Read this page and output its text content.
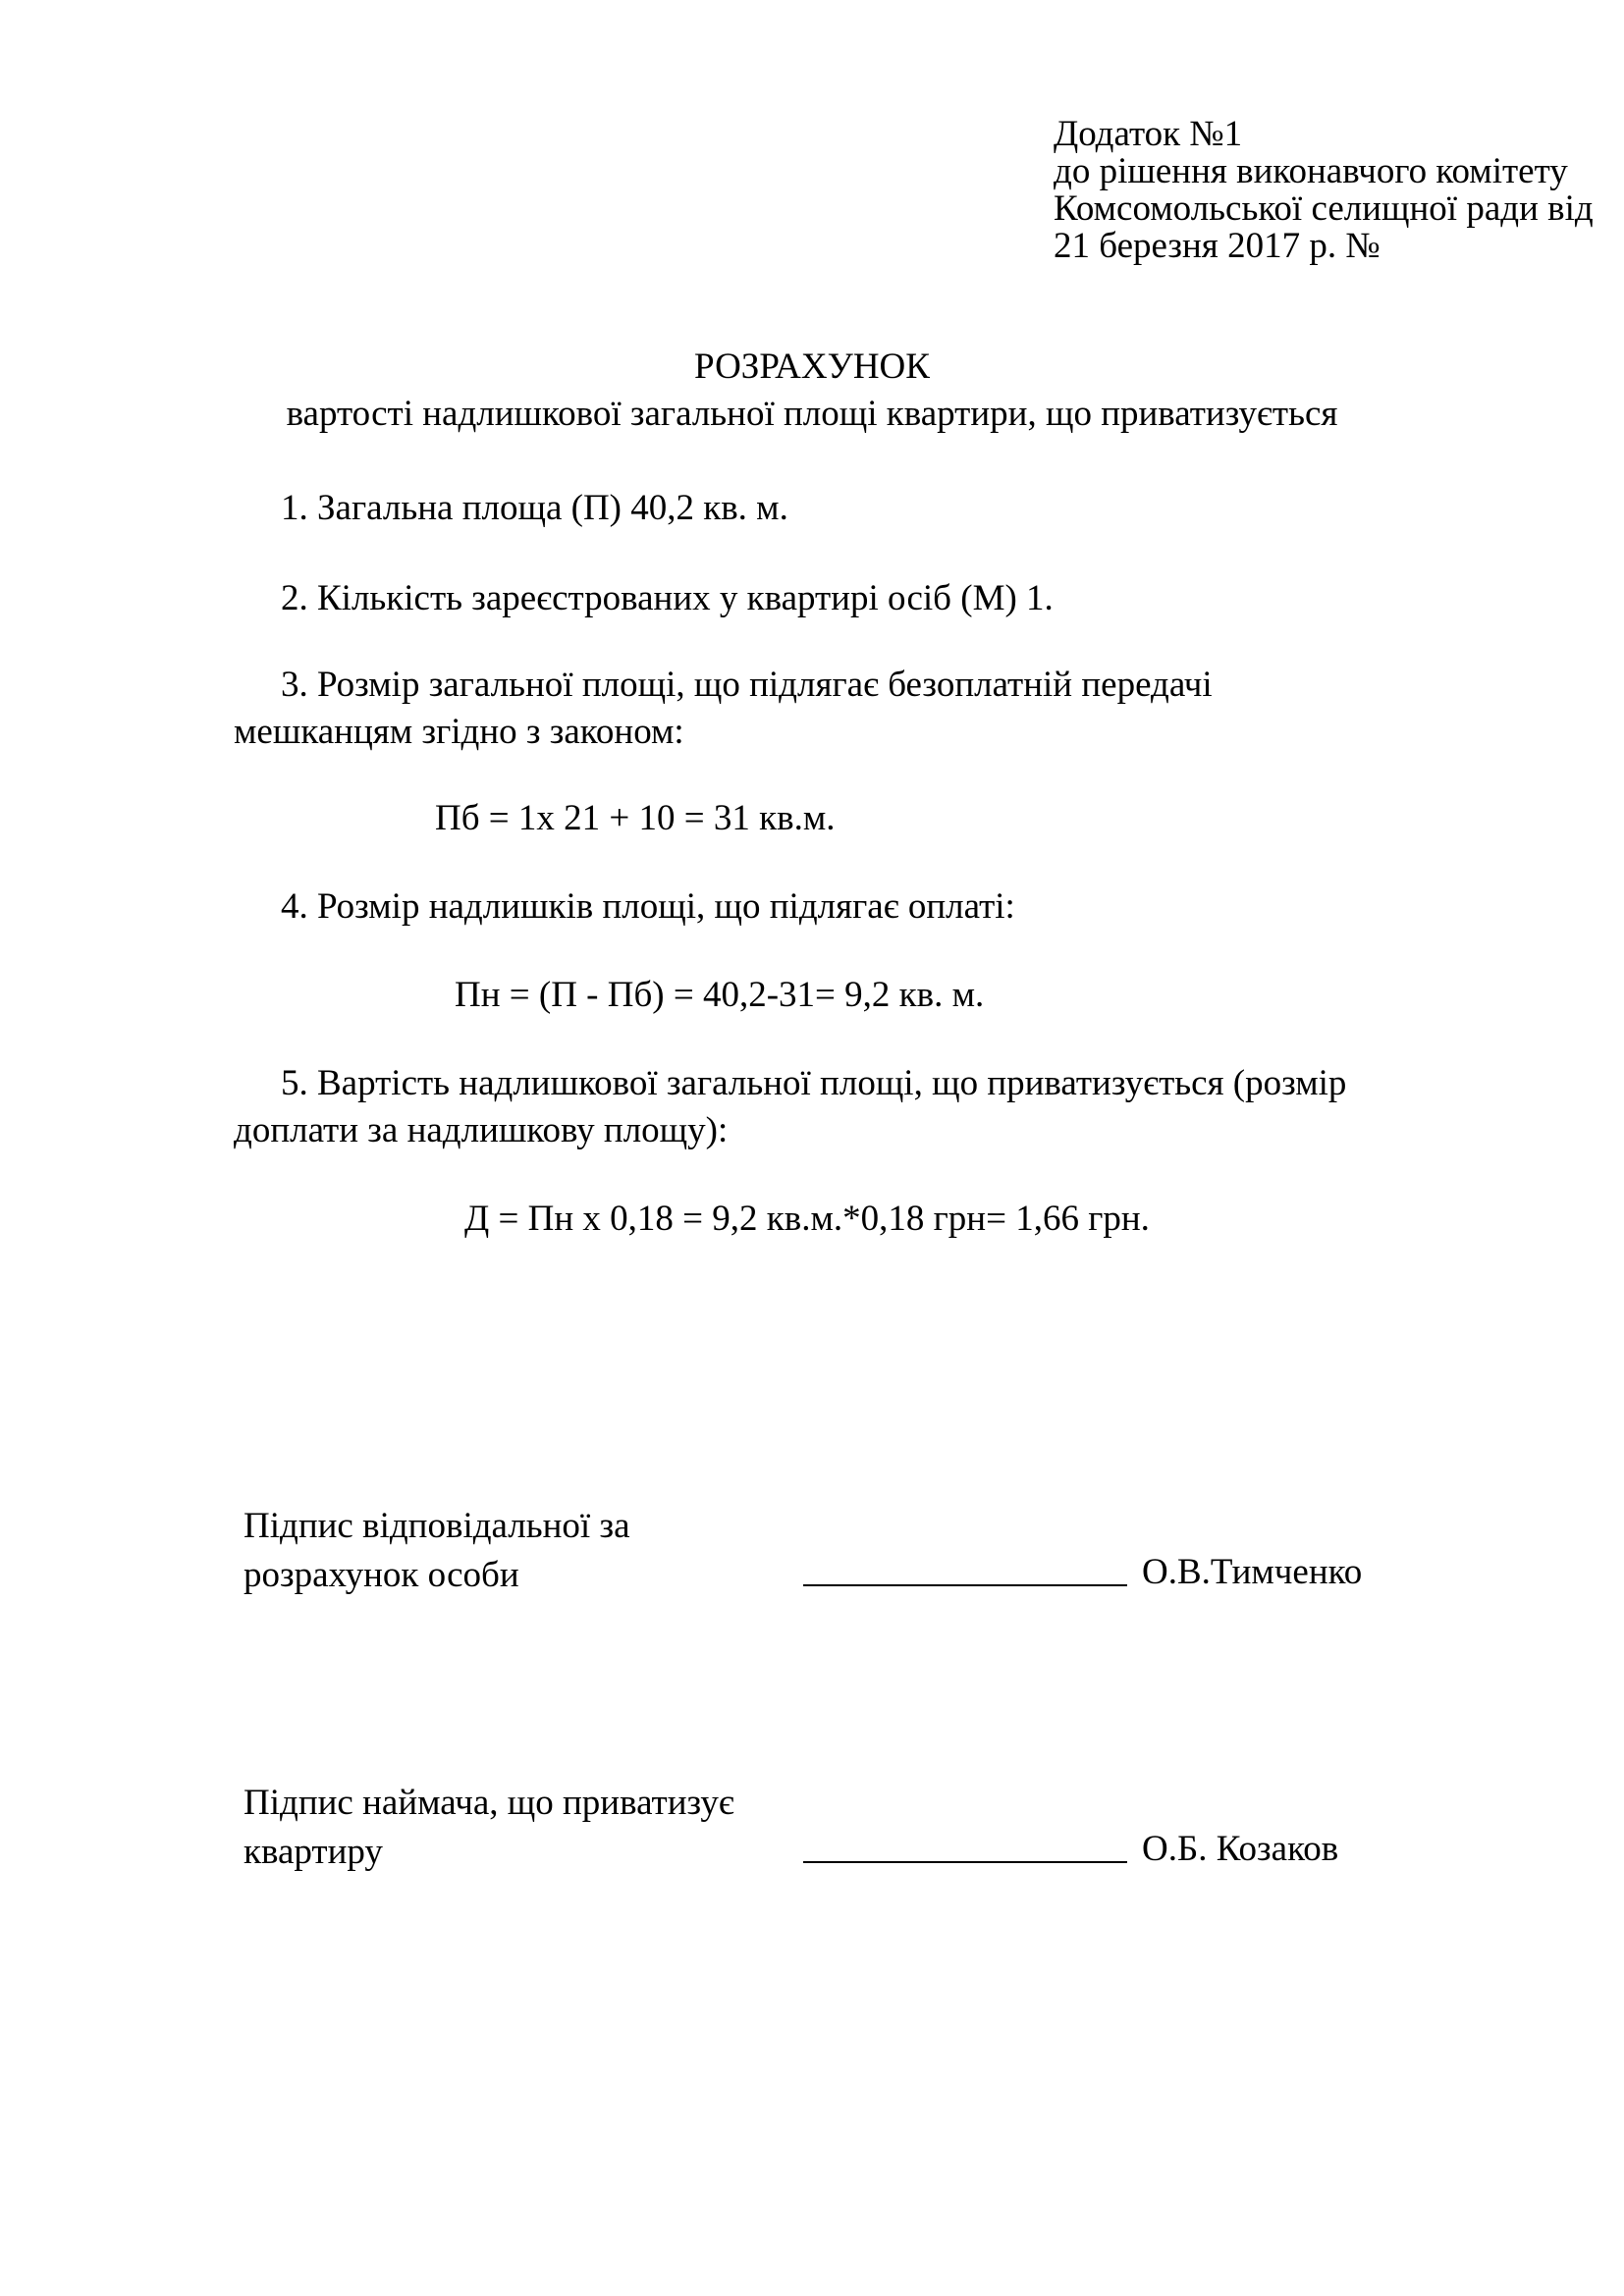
Додаток №1
до рішення виконавчого комітету
Комсомольської селищної ради від
21 березня 2017 р. №
РОЗРАХУНОК
вартості надлишкової загальної площі квартири, що приватизується
1. Загальна площа (П) 40,2 кв. м.
2. Кількість зареєстрованих у квартирі осіб (М) 1.
3. Розмір загальної площі, що підлягає безоплатній передачі
мешканцям згідно з законом:
Пб = 1х 21 + 10 = 31 кв.м.
4. Розмір надлишків площі, що підлягає оплаті:
Пн = (П - Пб) = 40,2-31= 9,2 кв. м.
5. Вартість надлишкової загальної площі, що приватизується (розмір
доплати за надлишкову площу):
Д = Пн х 0,18 = 9,2 кв.м.*0,18 грн= 1,66 грн.
Підпис відповідальної за
розрахунок особи	О.В.Тимченко
Підпис наймача, що приватизує
квартиру	О.Б. Козаков
